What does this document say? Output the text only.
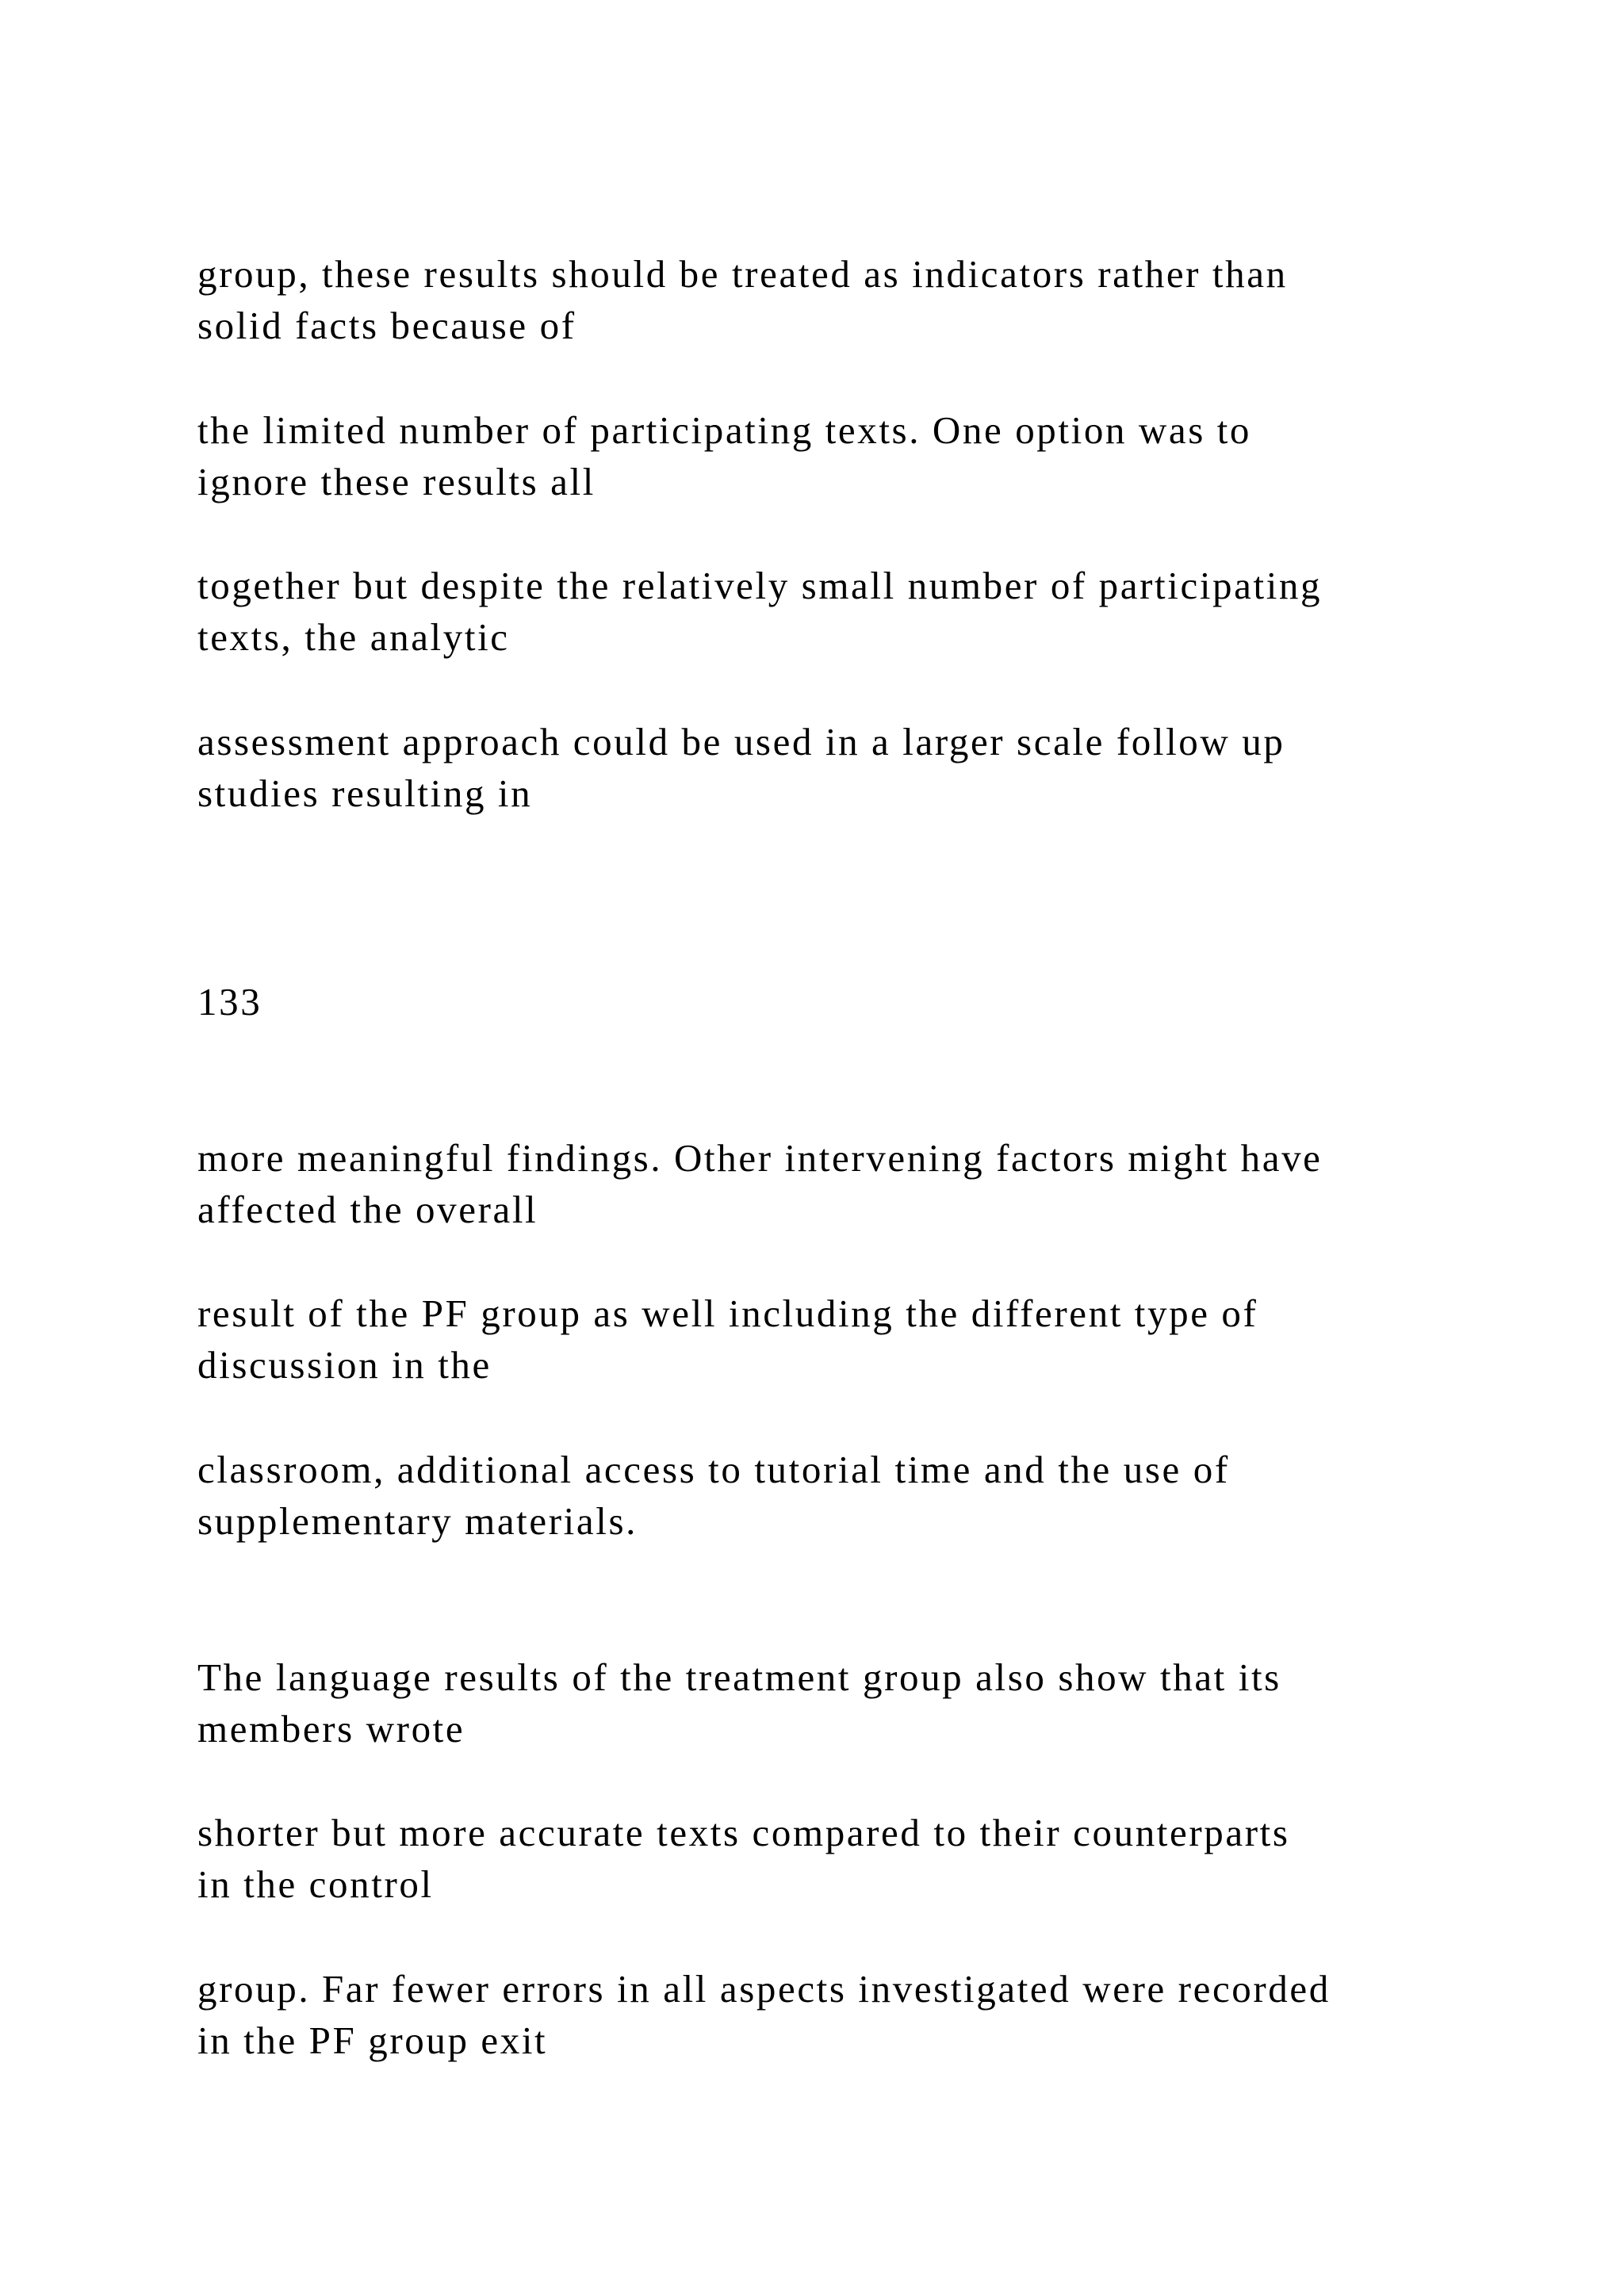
group, these results should be treated as indicators rather than

solid facts because of

the limited number of participating texts. One option was to

ignore these results all

together but despite the relatively small number of participating

texts, the analytic

assessment approach could be used in a larger scale follow up

studies resulting in

133

more meaningful findings. Other intervening factors might have

affected the overall

result of the PF group as well including the different type of

discussion in the

classroom, additional access to tutorial time and the use of

supplementary materials.

The language results of the treatment group also show that its

members wrote

shorter but more accurate texts compared to their counterparts

in the control

group. Far fewer errors in all aspects investigated were recorded

in the PF group exit
